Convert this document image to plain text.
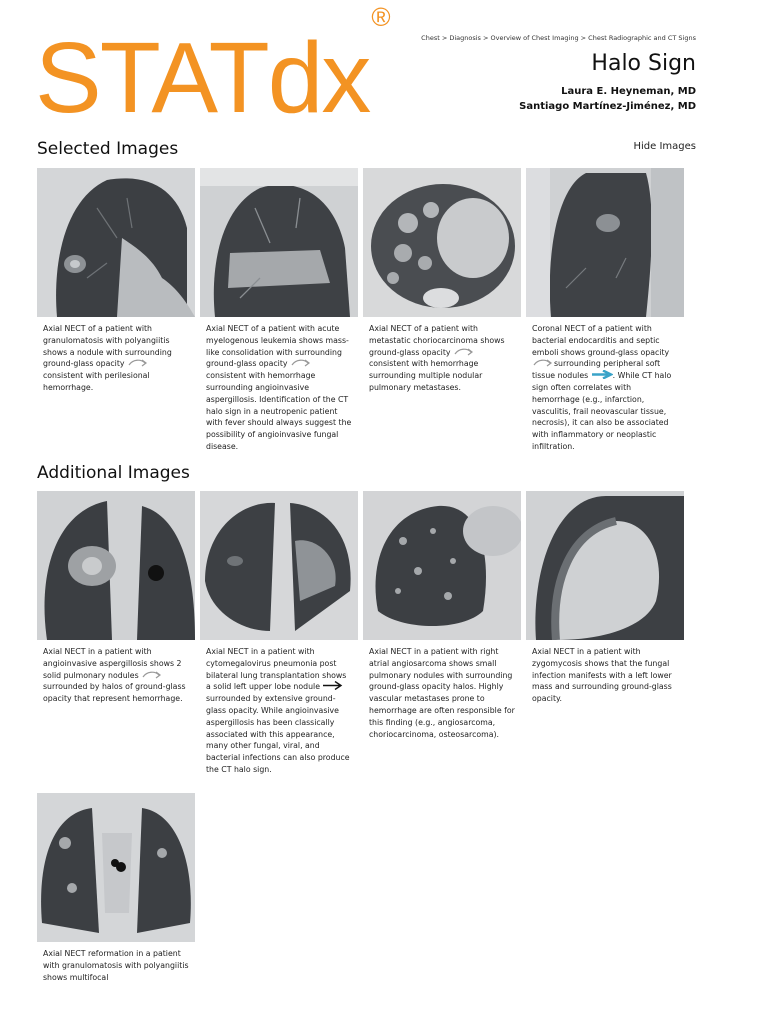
STATdx®
Chest > Diagnosis > Overview of Chest Imaging > Chest Radiographic and CT Signs
Halo Sign
Laura E. Heyneman, MD
Santiago Martínez-Jiménez, MD
Selected Images	Hide Images
Axial NECT of a patient with granulomatosis with polyangiitis shows a nodule with surrounding ground-glass opacity
consistent with perilesional hemorrhage.
Axial NECT of a patient with acute myelogenous leukemia shows mass-like consolidation with surrounding ground-glass opacity
consistent with hemorrhage surrounding angioinvasive aspergillosis. Identification of the CT halo sign in a neutropenic patient with fever should always suggest the possibility of angioinvasive fungal disease.
Axial NECT of a patient with metastatic choriocarcinoma shows ground-glass opacity
consistent with hemorrhage surrounding multiple nodular pulmonary metastases.
Coronal NECT of a patient with bacterial endocarditis and septic emboli shows ground-glass opacity
surrounding peripheral soft tissue nodules	. While CT halo sign often correlates with hemorrhage (e.g., infarction, vasculitis, frail neovascular tissue, necrosis), it can also be associated with inflammatory or neoplastic infiltration.
Additional Images
Axial NECT in a patient with angioinvasive aspergillosis shows 2 solid pulmonary nodules
surrounded by halos of ground-glass opacity that represent hemorrhage.
Axial NECT in a patient with cytomegalovirus pneumonia post bilateral lung transplantation shows a solid left upper lobe nodule
surrounded by extensive ground-glass opacity. While angioinvasive aspergillosis has been classically associated with this appearance, many other fungal, viral, and bacterial infections can also produce the CT halo sign.
Axial NECT in a patient with right atrial angiosarcoma shows small pulmonary nodules with surrounding ground-glass opacity halos. Highly vascular metastases prone to hemorrhage are often responsible for this finding (e.g., angiosarcoma, choriocarcinoma, osteosarcoma).
Axial NECT in a patient with zygomycosis shows that the fungal infection manifests with a left lower mass and surrounding ground-glass opacity.
Axial NECT reformation in a patient with granulomatosis with polyangiitis shows multifocal
